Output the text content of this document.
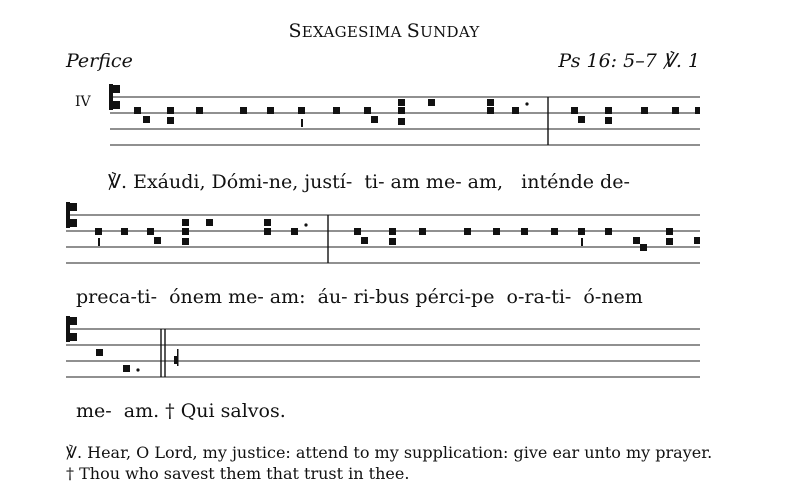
SEXAGESIMA SUNDAY
Perfice	Ps 16: 5–7 ℣. 1
IV
℣. Exáudi, Dómi-ne, justí-  ti- am me- am,   inténde de-
preca-ti-  ónem me- am:  áu- ri-bus pérci-pe  o-ra-ti-  ó-nem
me-  am. † Qui salvos.
℣. Hear, O Lord, my justice: attend to my supplication: give ear unto my prayer.
† Thou who savest them that trust in thee.
